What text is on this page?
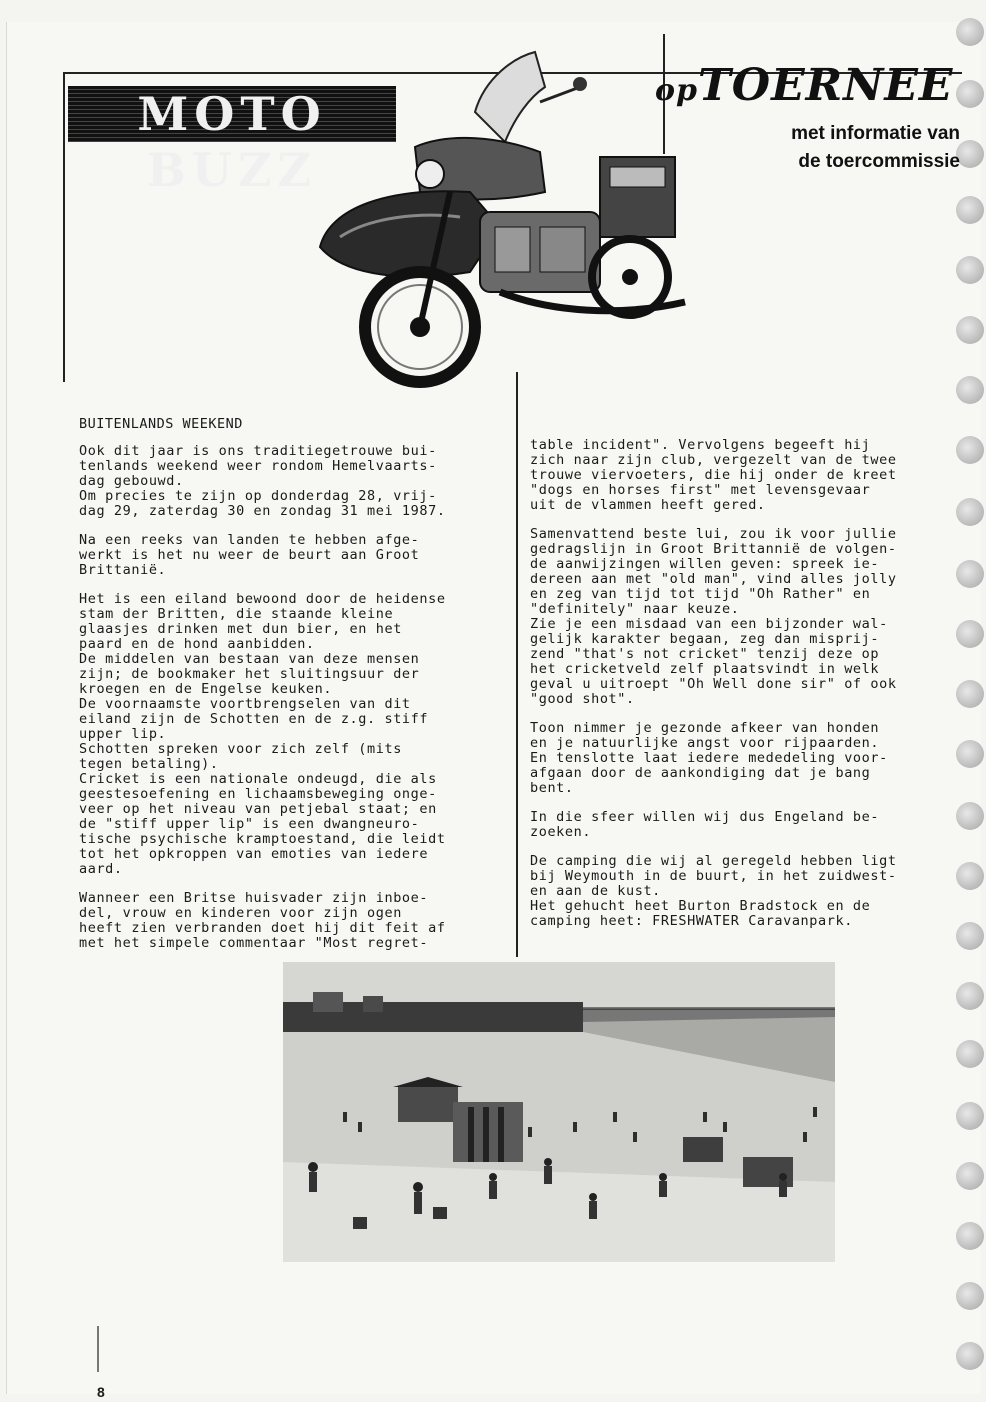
MOTO BUZZ
opTOERNEE
met informatie van
de toercommissie
BUITENLANDS WEEKEND

Ook dit jaar is ons traditiegetrouwe bui-
tenlands weekend weer rondom Hemelvaarts-
dag gebouwd.
Om precies te zijn op donderdag 28, vrij-
dag 29, zaterdag 30 en zondag 31 mei 1987.

Na een reeks van landen te hebben afge-
werkt is het nu weer de beurt aan Groot
Brittanië.

Het is een eiland bewoond door de heidense
stam der Britten, die staande kleine
glaasjes drinken met dun bier, en het
paard en de hond aanbidden.
De middelen van bestaan van deze mensen
zijn; de bookmaker het sluitingsuur der
kroegen en de Engelse keuken.
De voornaamste voortbrengselen van dit
eiland zijn de Schotten en de z.g. stiff
upper lip.
Schotten spreken voor zich zelf (mits
tegen betaling).
Cricket is een nationale ondeugd, die als
geestesoefening en lichaamsbeweging onge-
veer op het niveau van petjebal staat; en
de "stiff upper lip" is een dwangneuro-
tische psychische kramptoestand, die leidt
tot het opkroppen van emoties van iedere
aard.

Wanneer een Britse huisvader zijn inboe-
del, vrouw en kinderen voor zijn ogen
heeft zien verbranden doet hij dit feit af
met het simpele commentaar "Most regret-

table incident". Vervolgens begeeft hij
zich naar zijn club, vergezelt van de twee
trouwe viervoeters, die hij onder de kreet
"dogs en horses first" met levensgevaar
uit de vlammen heeft gered.

Samenvattend beste lui, zou ik voor jullie
gedragslijn in Groot Brittannië de volgen-
de aanwijzingen willen geven: spreek ie-
dereen aan met "old man", vind alles jolly
en zeg van tijd tot tijd "Oh Rather" en
"definitely" naar keuze.
Zie je een misdaad van een bijzonder wal-
gelijk karakter begaan, zeg dan misprij-
zend "that's not cricket" tenzij deze op
het cricketveld zelf plaatsvindt in welk
geval u uitroept "Oh Well done sir" of ook
"good shot".

Toon nimmer je gezonde afkeer van honden
en je natuurlijke angst voor rijpaarden.
En tenslotte laat iedere mededeling voor-
afgaan door de aankondiging dat je bang
bent.

In die sfeer willen wij dus Engeland be-
zoeken.

De camping die wij al geregeld hebben ligt
bij Weymouth in de buurt, in het zuidwest-
en aan de kust.
Het gehucht heet Burton Bradstock en de
camping heet: FRESHWATER Caravanpark.

8
